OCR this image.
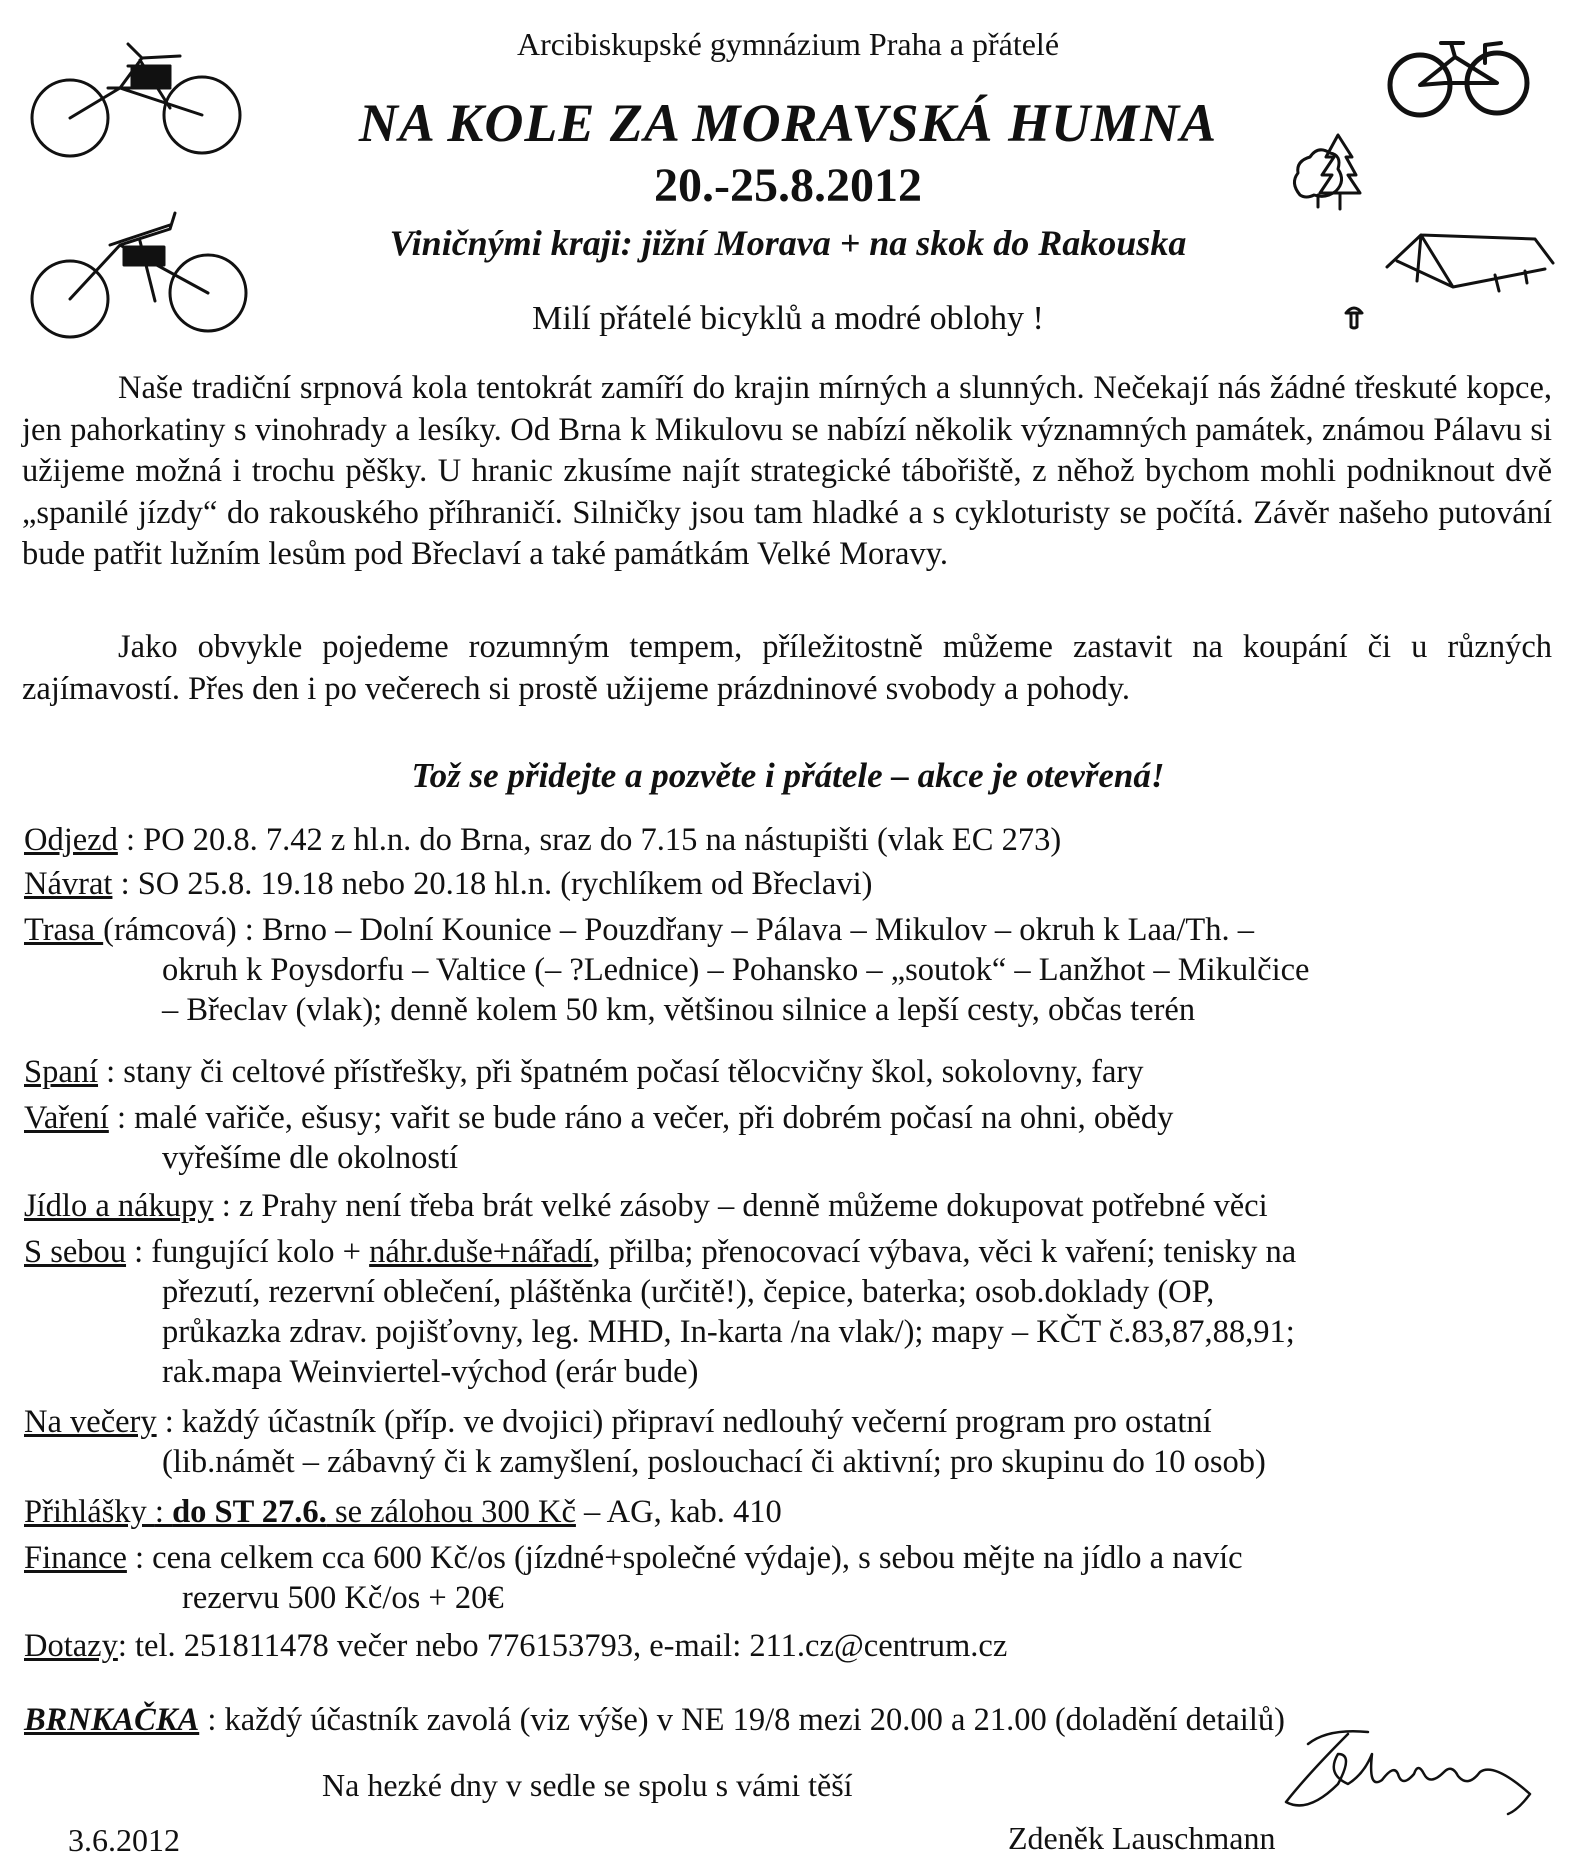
Arcibiskupské gymnázium Praha a přátelé
NA KOLE ZA MORAVSKÁ HUMNA
20.-25.8.2012
Viničnými kraji: jižní Morava + na skok do Rakouska
Milí přátelé bicyklů a modré oblohy !
Naše tradiční srpnová kola tentokrát zamíří do krajin mírných a slunných. Nečekají nás žádné třeskuté kopce, jen pahorkatiny s vinohrady a lesíky. Od Brna k Mikulovu se nabízí několik významných památek, známou Pálavu si užijeme možná i trochu pěšky. U hranic zkusíme najít strategické tábořiště, z něhož bychom mohli podniknout dvě „spanilé jízdy“ do rakouského příhraničí. Silničky jsou tam hladké a s cykloturisty se počítá. Závěr našeho putování bude patřit lužním lesům pod Břeclaví a také památkám Velké Moravy.
Jako obvykle pojedeme rozumným tempem, příležitostně můžeme zastavit na koupání či u různých zajímavostí. Přes den i po večerech si prostě užijeme prázdninové svobody a pohody.
Tož se přidejte a pozvěte i přátele – akce je otevřená!
Odjezd : PO 20.8. 7.42 z hl.n. do Brna, sraz do 7.15 na nástupišti (vlak EC 273)
Návrat : SO 25.8. 19.18 nebo 20.18 hl.n. (rychlíkem od Břeclavi)
Trasa (rámcová) : Brno – Dolní Kounice – Pouzdřany – Pálava – Mikulov – okruh k Laa/Th. –
okruh k Poysdorfu – Valtice (– ?Lednice) – Pohansko – „soutok“ – Lanžhot – Mikulčice
– Břeclav (vlak); denně kolem 50 km, většinou silnice a lepší cesty, občas terén
Spaní : stany či celtové přístřešky, při špatném počasí tělocvičny škol, sokolovny, fary
Vaření : malé vařiče, ešusy; vařit se bude ráno a večer, při dobrém počasí na ohni, obědy
vyřešíme dle okolností
Jídlo a nákupy : z Prahy není třeba brát velké zásoby – denně můžeme dokupovat potřebné věci
S sebou : fungující kolo + náhr.duše+nářadí, přilba; přenocovací výbava, věci k vaření; tenisky na
přezutí, rezervní oblečení, pláštěnka (určitě!), čepice, baterka; osob.doklady (OP,
průkazka zdrav. pojišťovny, leg. MHD, In-karta /na vlak/); mapy – KČT č.83,87,88,91;
rak.mapa Weinviertel-východ (erár bude)
Na večery : každý účastník (příp. ve dvojici) připraví nedlouhý večerní program pro ostatní
(lib.námět – zábavný či k zamyšlení, poslouchací či aktivní; pro skupinu do 10 osob)
Přihlášky : do ST 27.6. se zálohou 300 Kč – AG, kab. 410
Finance : cena celkem cca 600 Kč/os (jízdné+společné výdaje), s sebou mějte na jídlo a navíc
rezervu 500 Kč/os + 20€
Dotazy: tel. 251811478 večer nebo 776153793, e-mail: 211.cz@centrum.cz
BRNKAČKA : každý účastník zavolá (viz výše) v NE 19/8 mezi 20.00 a 21.00 (doladění detailů)
Na hezké dny v sedle se spolu s vámi těší
3.6.2012	Zdeněk Lauschmann
